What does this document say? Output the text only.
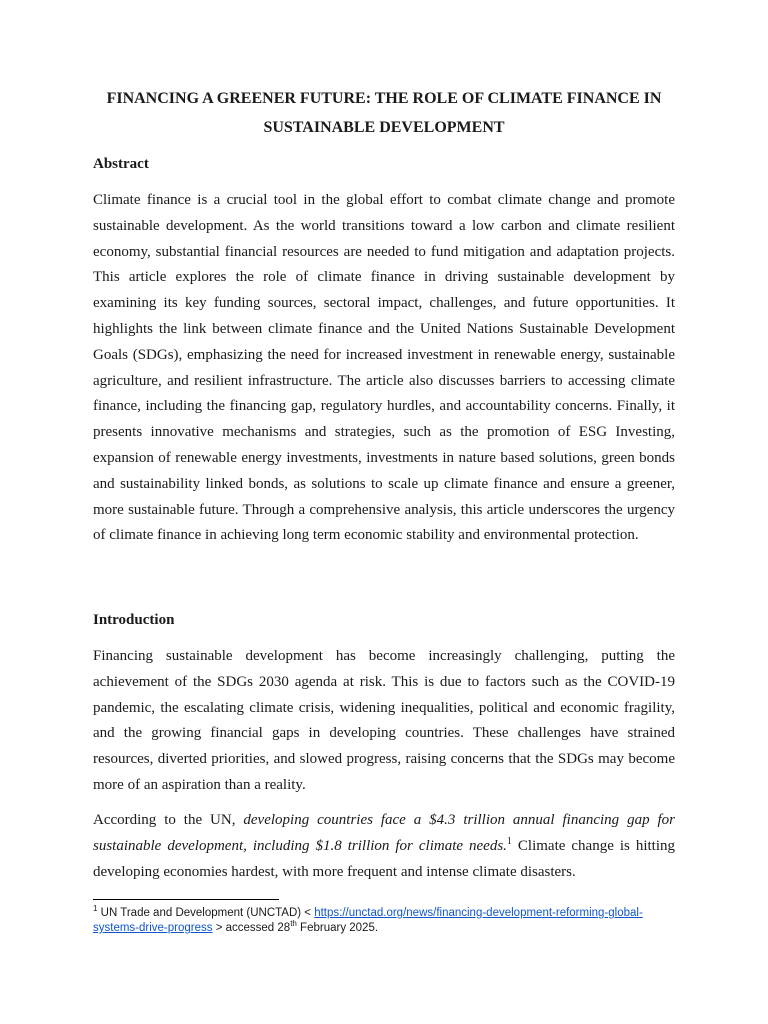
FINANCING A GREENER FUTURE: THE ROLE OF CLIMATE FINANCE IN SUSTAINABLE DEVELOPMENT
Abstract

Climate finance is a crucial tool in the global effort to combat climate change and promote sustainable development. As the world transitions toward a low carbon and climate resilient economy, substantial financial resources are needed to fund mitigation and adaptation projects. This article explores the role of climate finance in driving sustainable development by examining its key funding sources, sectoral impact, challenges, and future opportunities. It highlights the link between climate finance and the United Nations Sustainable Development Goals (SDGs), emphasizing the need for increased investment in renewable energy, sustainable agriculture, and resilient infrastructure. The article also discusses barriers to accessing climate finance, including the financing gap, regulatory hurdles, and accountability concerns. Finally, it presents innovative mechanisms and strategies, such as the promotion of ESG Investing, expansion of renewable energy investments, investments in nature based solutions, green bonds and sustainability linked bonds, as solutions to scale up climate finance and ensure a greener, more sustainable future. Through a comprehensive analysis, this article underscores the urgency of climate finance in achieving long term economic stability and environmental protection.

Introduction

Financing sustainable development has become increasingly challenging, putting the achievement of the SDGs 2030 agenda at risk. This is due to factors such as the COVID-19 pandemic, the escalating climate crisis, widening inequalities, political and economic fragility, and the growing financial gaps in developing countries. These challenges have strained resources, diverted priorities, and slowed progress, raising concerns that the SDGs may become more of an aspiration than a reality.

According to the UN, developing countries face a $4.3 trillion annual financing gap for sustainable development, including $1.8 trillion for climate needs.$^1$ Climate change is hitting developing economies hardest, with more frequent and intense climate disasters.

$^1$ UN Trade and Development (UNCTAD) < https://unctad.org/news/financing-development-reforming-global-systems-drive-progress > accessed 28th February 2025.
